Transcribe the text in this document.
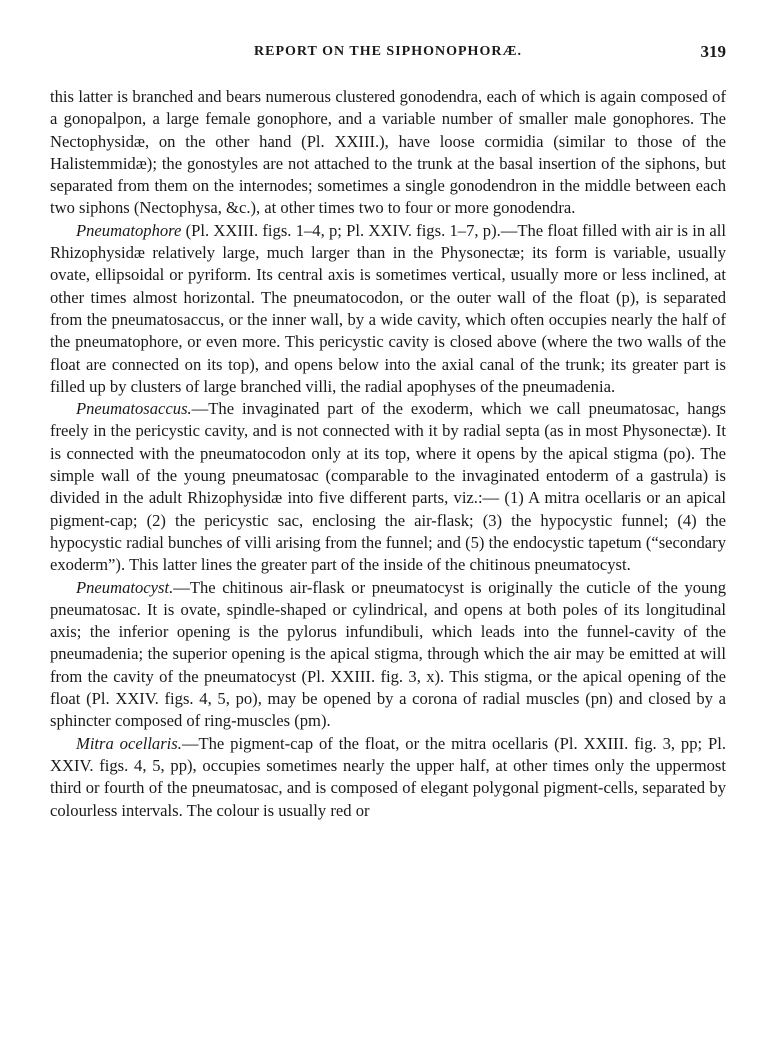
REPORT ON THE SIPHONOPHORÆ.	319

this latter is branched and bears numerous clustered gonodendra, each of which is again composed of a gonopalpon, a large female gonophore, and a variable number of smaller male gonophores. The Nectophysidæ, on the other hand (Pl. XXIII.), have loose cormidia (similar to those of the Halistemmidæ); the gonostyles are not attached to the trunk at the basal insertion of the siphons, but separated from them on the internodes; sometimes a single gonodendron in the middle between each two siphons (Nectophysa, &c.), at other times two to four or more gonodendra.

Pneumatophore (Pl. XXIII. figs. 1–4, p; Pl. XXIV. figs. 1–7, p).—The float filled with air is in all Rhizophysidæ relatively large, much larger than in the Physonectæ; its form is variable, usually ovate, ellipsoidal or pyriform. Its central axis is sometimes vertical, usually more or less inclined, at other times almost horizontal. The pneumatocodon, or the outer wall of the float (p), is separated from the pneumatosaccus, or the inner wall, by a wide cavity, which often occupies nearly the half of the pneumatophore, or even more. This pericystic cavity is closed above (where the two walls of the float are connected on its top), and opens below into the axial canal of the trunk; its greater part is filled up by clusters of large branched villi, the radial apophyses of the pneumadenia.

Pneumatosaccus.—The invaginated part of the exoderm, which we call pneumatosac, hangs freely in the pericystic cavity, and is not connected with it by radial septa (as in most Physonectæ). It is connected with the pneumatocodon only at its top, where it opens by the apical stigma (po). The simple wall of the young pneumatosac (comparable to the invaginated entoderm of a gastrula) is divided in the adult Rhizophysidæ into five different parts, viz.:— (1) A mitra ocellaris or an apical pigment-cap; (2) the pericystic sac, enclosing the air-flask; (3) the hypocystic funnel; (4) the hypocystic radial bunches of villi arising from the funnel; and (5) the endocystic tapetum (“secondary exoderm”). This latter lines the greater part of the inside of the chitinous pneumatocyst.

Pneumatocyst.—The chitinous air-flask or pneumatocyst is originally the cuticle of the young pneumatosac. It is ovate, spindle-shaped or cylindrical, and opens at both poles of its longitudinal axis; the inferior opening is the pylorus infundibuli, which leads into the funnel-cavity of the pneumadenia; the superior opening is the apical stigma, through which the air may be emitted at will from the cavity of the pneumatocyst (Pl. XXIII. fig. 3, x). This stigma, or the apical opening of the float (Pl. XXIV. figs. 4, 5, po), may be opened by a corona of radial muscles (pn) and closed by a sphincter composed of ring-muscles (pm).

Mitra ocellaris.—The pigment-cap of the float, or the mitra ocellaris (Pl. XXIII. fig. 3, pp; Pl. XXIV. figs. 4, 5, pp), occupies sometimes nearly the upper half, at other times only the uppermost third or fourth of the pneumatosac, and is composed of elegant polygonal pigment-cells, separated by colourless intervals. The colour is usually red or
